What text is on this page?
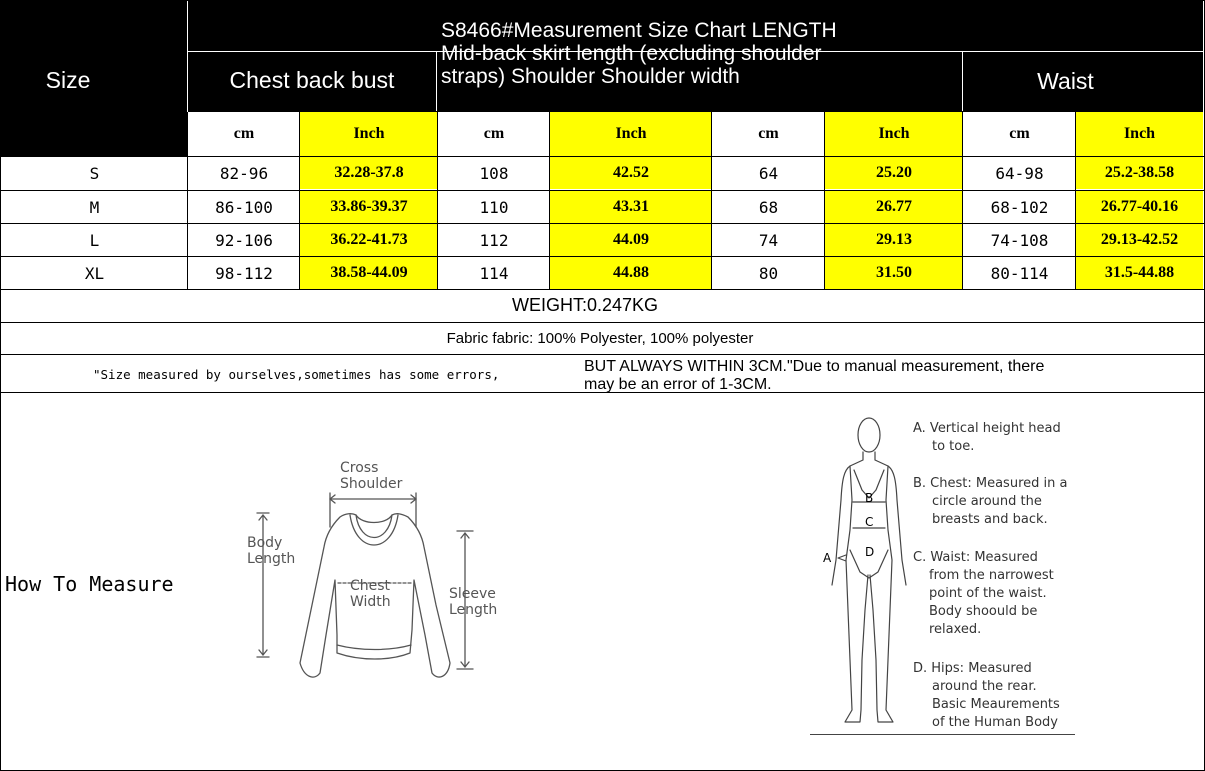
Size	Chest back bust
S8466#Measurement Size Chart LENGTH
Mid-back skirt length (excluding shoulder
straps) Shoulder Shoulder width	Waist
cm	Inch	cm	Inch	cm	Inch	cm	Inch
S	82-96	32.28-37.8	108	42.52	64	25.20	64-98	25.2-38.58
M	86-100	33.86-39.37	110	43.31	68	26.77	68-102	26.77-40.16
L	92-106	36.22-41.73	112	44.09	74	29.13	74-108	29.13-42.52
XL	98-112	38.58-44.09	114	44.88	80	31.50	80-114	31.5-44.88
WEIGHT:0.247KG
Fabric fabric: 100% Polyester, 100% polyester
"Size measured by ourselves,sometimes has some errors,	BUT ALWAYS WITHIN 3CM."Due to manual measurement, there
may be an error of 1-3CM.
How To Measure
Cross
Shoulder
Body
Length
Chest
Width	Sleeve
Length
A
B
C
D
A. Vertical height head
to toe.
B. Chest: Measured in a
circle around the
breasts and back.
C. Waist: Measured
from the narrowest
point of the waist.
Body shoould be
relaxed.
D. Hips: Measured
around the rear.
Basic Meaurements
of the Human Body
